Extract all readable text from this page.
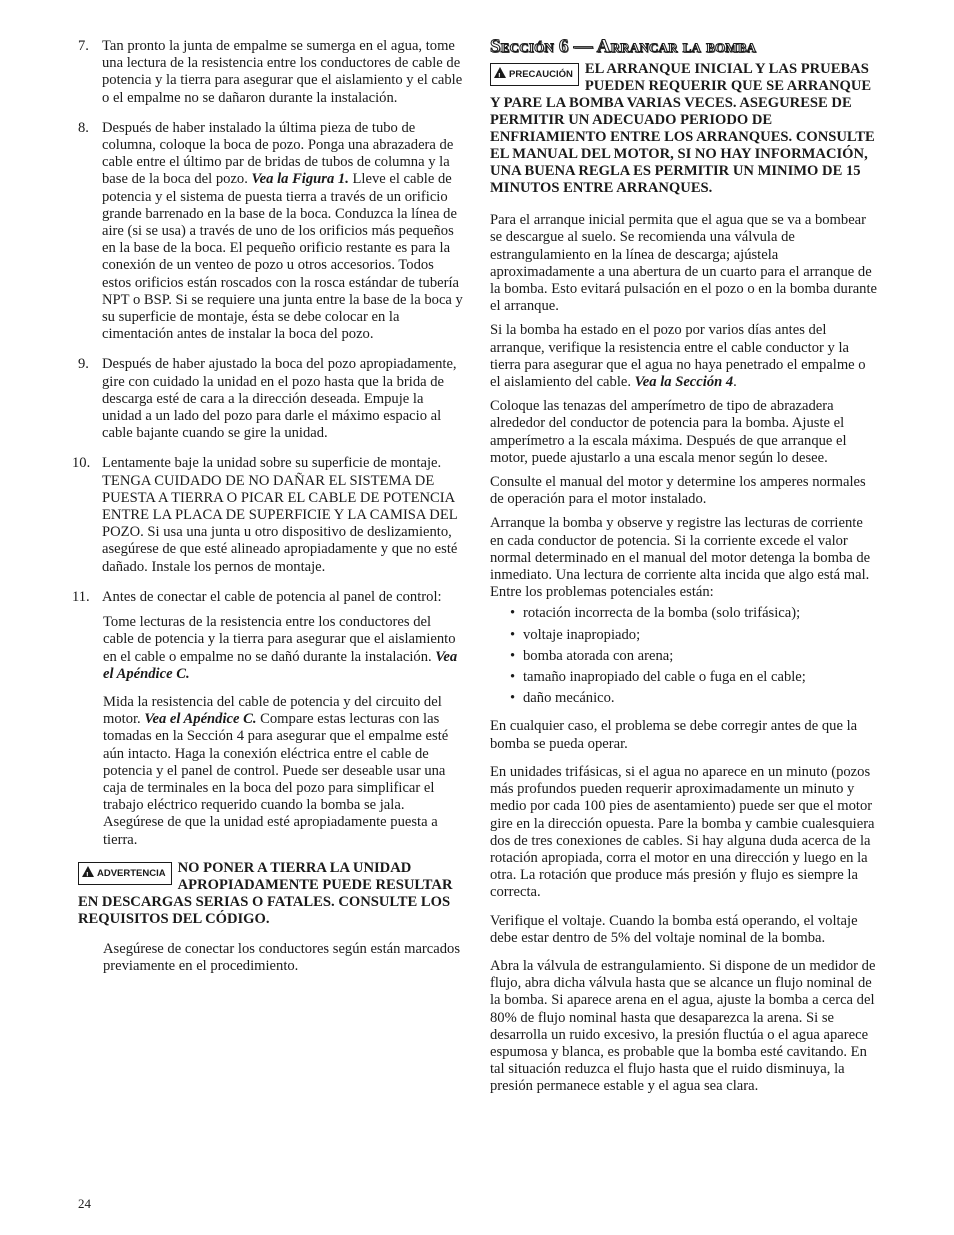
7. Tan pronto la junta de empalme se sumerga en el agua, tome una lectura de la resistencia entre los conductores de cable de potencia y la tierra para asegurar que el aislamiento y el cable o el empalme no se dañaron durante la instalación.

8. Después de haber instalado la última pieza de tubo de columna, coloque la boca de pozo. Ponga una abrazadera de cable entre el último par de bridas de tubos de columna y la base de la boca del pozo. Vea la Figura 1. Lleve el cable de potencia y el sistema de puesta tierra a través de un orificio grande barrenado en la base de la boca. Conduzca la línea de aire (si se usa) a través de uno de los orificios más pequeños en la base de la boca. El pequeño orificio restante es para la conexión de un venteo de pozo u otros accesorios. Todos estos orificios están roscados con la rosca estándar de tubería NPT o BSP. Si se requiere una junta entre la base de la boca y su superficie de montaje, ésta se debe colocar en la cimentación antes de instalar la boca del pozo.

9. Después de haber ajustado la boca del pozo apropiadamente, gire con cuidado la unidad en el pozo hasta que la brida de descarga esté de cara a la dirección deseada. Empuje la unidad a un lado del pozo para darle el máximo espacio al cable bajante cuando se gire la unidad.

10. Lentamente baje la unidad sobre su superficie de montaje. TENGA CUIDADO DE NO DAÑAR EL SISTEMA DE PUESTA A TIERRA O PICAR EL CABLE DE POTENCIA ENTRE LA PLACA DE SUPERFICIE Y LA CAMISA DEL POZO. Si usa una junta u otro dispositivo de deslizamiento, asegúrese de que esté alineado apropiadamente y que no esté dañado. Instale los pernos de montaje.

11. Antes de conectar el cable de potencia al panel de control:

Tome lecturas de la resistencia entre los conductores del cable de potencia y la tierra para asegurar que el aislamiento en el cable o empalme no se dañó durante la instalación. Vea el Apéndice C.

Mida la resistencia del cable de potencia y del circuito del motor. Vea el Apéndice C. Compare estas lecturas con las tomadas en la Sección 4 para asegurar que el empalme esté aún intacto. Haga la conexión eléctrica entre el cable de potencia y el panel de control. Puede ser deseable usar una caja de terminales en la boca del pozo para simplificar el trabajo eléctrico requerido cuando la bomba se jala. Asegúrese de que la unidad esté apropiadamente puesta a tierra.

!ADVERTENCIA NO PONER A TIERRA LA UNIDAD APROPIADAMENTE PUEDE RESULTAR EN DESCARGAS SERIAS O FATALES. CONSULTE LOS REQUISITOS DEL CÓDIGO.

Asegúrese de conectar los conductores según están marcados previamente en el procedimiento.

Sección 6 — Arrancar la bomba
!PRECAUCIÓN EL ARRANQUE INICIAL Y LAS PRUEBAS PUEDEN REQUERIR QUE SE ARRANQUE Y PARE LA BOMBA VARIAS VECES. ASEGURESE DE PERMITIR UN ADECUADO PERIODO DE ENFRIAMIENTO ENTRE LOS ARRANQUES. CONSULTE EL MANUAL DEL MOTOR, SI NO HAY INFORMACIÓN, UNA BUENA REGLA ES PERMITIR UN MINIMO DE 15 MINUTOS ENTRE ARRANQUES.

Para el arranque inicial permita que el agua que se va a bombear se descargue al suelo. Se recomienda una válvula de estrangulamiento en la línea de descarga; ajústela aproximadamente a una abertura de un cuarto para el arranque de la bomba. Esto evitará pulsación en el pozo o en la bomba durante el arranque.

Si la bomba ha estado en el pozo por varios días antes del arranque, verifique la resistencia entre el cable conductor y la tierra para asegurar que el agua no haya penetrado el empalme o el aislamiento del cable. Vea la Sección 4.

Coloque las tenazas del amperímetro de tipo de abrazadera alrededor del conductor de potencia para la bomba. Ajuste el amperímetro a la escala máxima. Después de que arranque el motor, puede ajustarlo a una escala menor según lo desee.

Consulte el manual del motor y determine los amperes normales de operación para el motor instalado.

Arranque la bomba y observe y registre las lecturas de corriente en cada conductor de potencia. Si la corriente excede el valor normal determinado en el manual del motor detenga la bomba de inmediato. Una lectura de corriente alta incida que algo está mal. Entre los problemas potenciales están:

• rotación incorrecta de la bomba (solo trifásica);
• voltaje inapropiado;
• bomba atorada con arena;
• tamaño inapropiado del cable o fuga en el cable;
• daño mecánico.

En cualquier caso, el problema se debe corregir antes de que la bomba se pueda operar.

En unidades trifásicas, si el agua no aparece en un minuto (pozos más profundos pueden requerir aproximadamente un minuto y medio por cada 100 pies de asentamiento) puede ser que el motor gire en la dirección opuesta. Pare la bomba y cambie cualesquiera dos de tres conexiones de cables. Si hay alguna duda acerca de la rotación apropiada, corra el motor en una dirección y luego en la otra. La rotación que produce más presión y flujo es siempre la correcta.

Verifique el voltaje. Cuando la bomba está operando, el voltaje debe estar dentro de 5% del voltaje nominal de la bomba.

Abra la válvula de estrangulamiento. Si dispone de un medidor de flujo, abra dicha válvula hasta que se alcance un flujo nominal de la bomba. Si aparece arena en el agua, ajuste la bomba a cerca del 80% de flujo nominal hasta que desaparezca la arena. Si se desarrolla un ruido excesivo, la presión fluctúa o el agua aparece espumosa y blanca, es probable que la bomba esté cavitando. En tal situación reduzca el flujo hasta que el ruido disminuya, la presión permanece estable y el agua sea clara.

24
